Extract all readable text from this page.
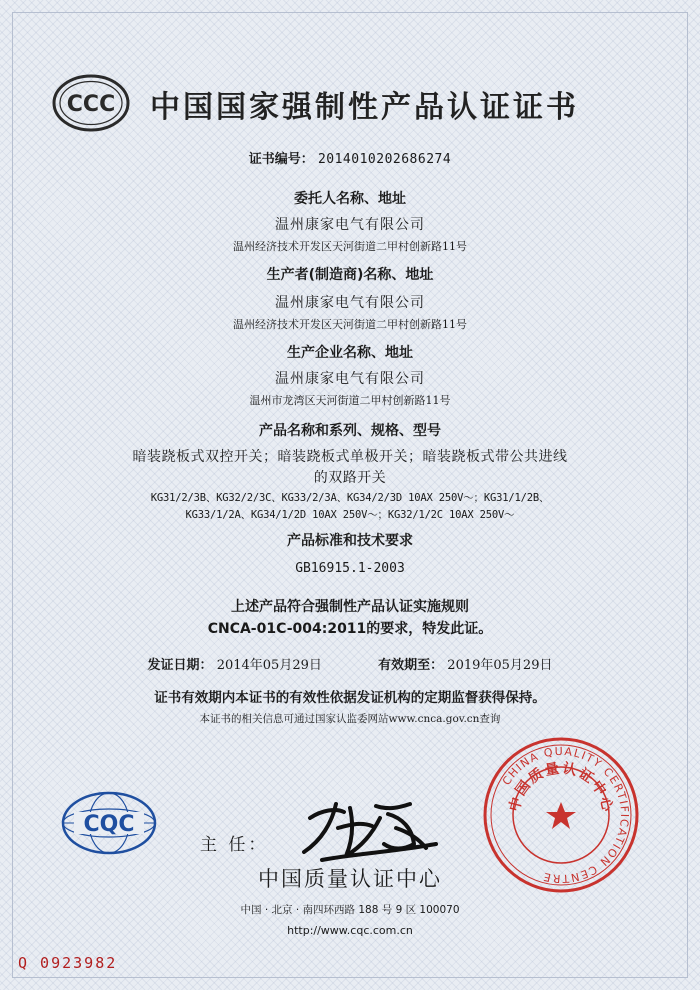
CCC 中国国家强制性产品认证证书
证书编号： 2014010202686274
委托人名称、地址
温州康家电气有限公司
温州经济技术开发区天河街道二甲村创新路11号
生产者(制造商)名称、地址
温州康家电气有限公司
温州经济技术开发区天河街道二甲村创新路11号
生产企业名称、地址
温州康家电气有限公司
温州市龙湾区天河街道二甲村创新路11号
产品名称和系列、规格、型号
暗装跷板式双控开关；暗装跷板式单极开关；暗装跷板式带公共进线
的双路开关
KG31/2/3B、KG32/2/3C、KG33/2/3A、KG34/2/3D 10AX 250V～；KG31/1/2B、
KG33/1/2A、KG34/1/2D 10AX 250V～；KG32/1/2C 10AX 250V～
产品标准和技术要求
GB16915.1-2003
上述产品符合强制性产品认证实施规则
CNCA-01C-004:2011的要求，特发此证。
发证日期： 2014年05月29日	有效期至： 2019年05月29日
证书有效期内本证书的有效性依据发证机构的定期监督获得保持。
本证书的相关信息可通过国家认监委网站www.cnca.gov.cn查询
CQC
主 任：
中国质量认证中心
中国 · 北京 · 南四环西路 188 号 9 区 100070
http://www.cqc.com.cn
CHINA QUALITY CERTIFICATION CENTRE
中国质量认证中心
Q 0923982
